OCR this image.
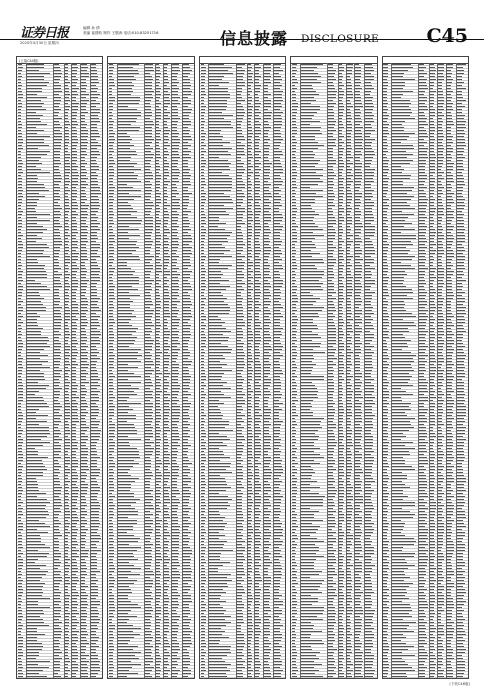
证券日报
2020年4月30日 星期四
编辑 孙 倩
美编 崔建岐 制作 王敬涛 电话:010-83251716	信息披露 DISCLOSURE C45
(上接C44版)
(下转C46版)
